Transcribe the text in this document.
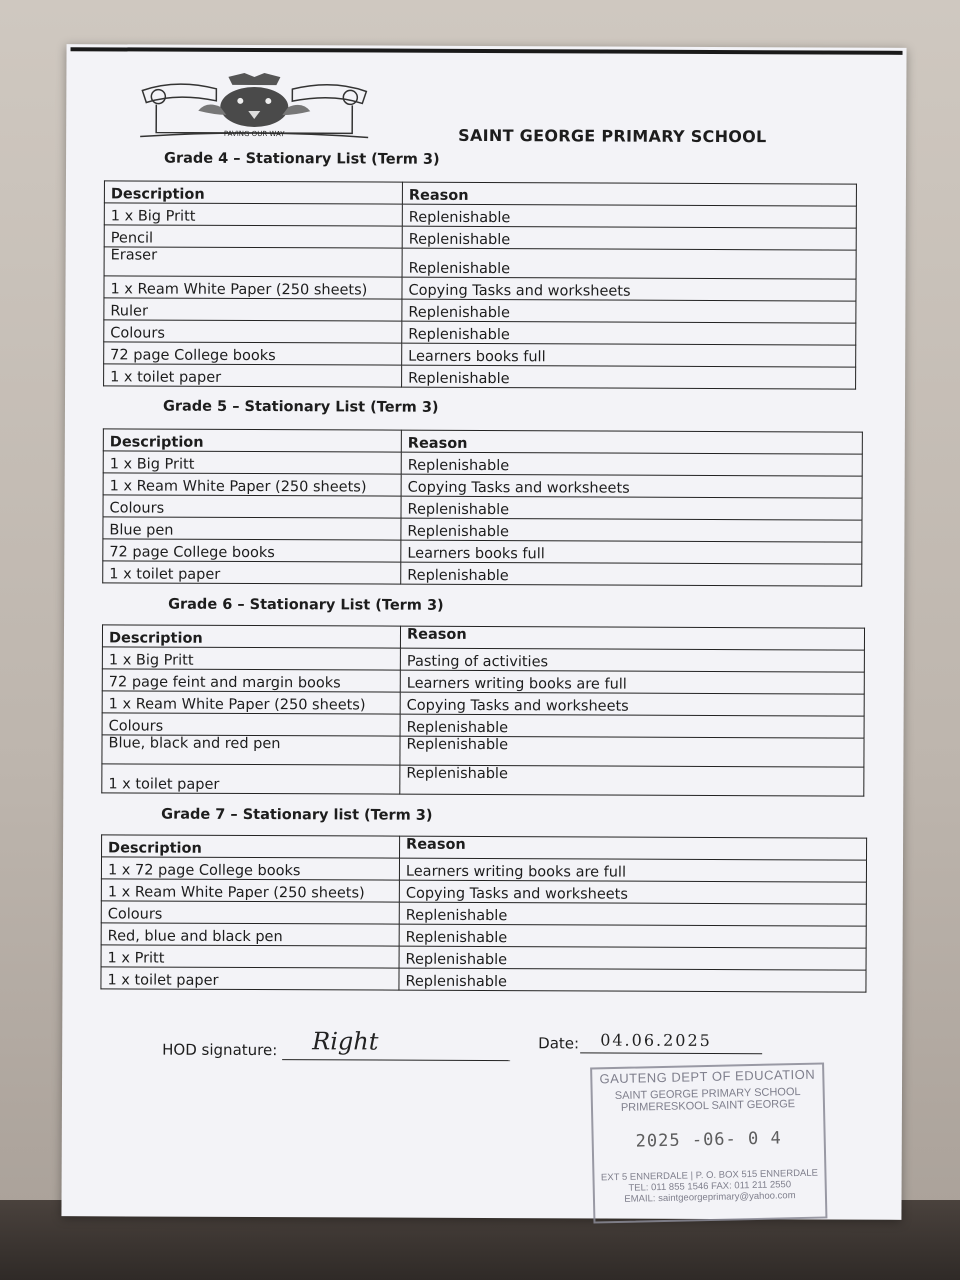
PAVING OUR WAY	SAINT GEORGE PRIMARY SCHOOL
Grade 4 – Stationary List (Term 3)
Description	Reason
1 x Big Pritt	Replenishable
Pencil	Replenishable
Eraser	Replenishable
1 x Ream White Paper (250 sheets)	Copying Tasks and worksheets
Ruler	Replenishable
Colours	Replenishable
72 page College books	Learners books full
1 x toilet paper	Replenishable
Grade 5 – Stationary List (Term 3)
Description	Reason
1 x Big Pritt	Replenishable
1 x Ream White Paper (250 sheets)	Copying Tasks and worksheets
Colours	Replenishable
Blue pen	Replenishable
72 page College books	Learners books full
1 x toilet paper	Replenishable
Grade 6 – Stationary List (Term 3)
Description	Reason
1 x Big Pritt	Pasting of activities
72 page feint and margin books	Learners writing books are full
1 x Ream White Paper (250 sheets)	Copying Tasks and worksheets
Colours	Replenishable
Blue, black and red pen	Replenishable
1 x toilet paper	Replenishable
Grade 7 – Stationary list (Term 3)
Description	Reason
1 x 72 page College books	Learners writing books are full
1 x Ream White Paper (250 sheets)	Copying Tasks and worksheets
Colours	Replenishable
Red, blue and black pen	Replenishable
1 x Pritt	Replenishable
1 x toilet paper	Replenishable
HOD signature: Right	Date: 04.06.2025
GAUTENG DEPT OF EDUCATION
SAINT GEORGE PRIMARY SCHOOL
PRIMERESKOOL SAINT GEORGE
2025 -06- 0 4
EXT 5 ENNERDALE | P. O. BOX 515 ENNERDALE
TEL: 011 855 1546 FAX: 011 211 2550
EMAIL: saintgeorgeprimary@yahoo.com
